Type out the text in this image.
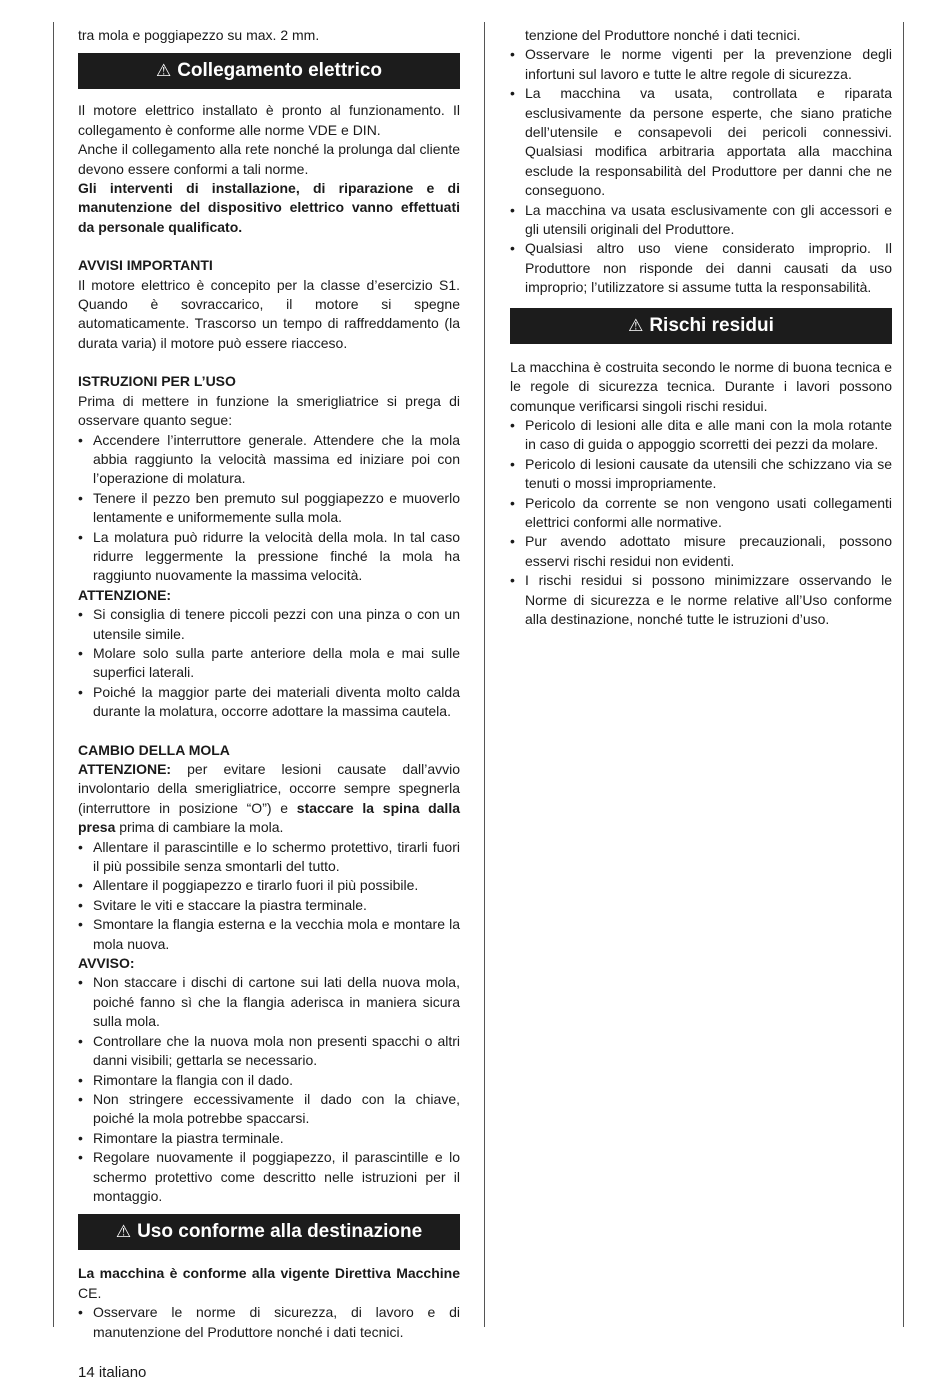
tra mola e poggiapezzo su max. 2 mm.

⚠ Collegamento elettrico

Il motore elettrico installato è pronto al funzionamento. Il collegamento è conforme alle norme VDE e DIN.

Anche il collegamento alla rete nonché la prolunga dal cliente devono essere conformi a tali norme.

Gli interventi di installazione, di riparazione e di manutenzione del dispositivo elettrico vanno effettuati da personale qualificato.

AVVISI IMPORTANTI

Il motore elettrico è concepito per la classe d’esercizio S1. Quando è sovraccarico, il motore si spegne automaticamente. Trascorso un tempo di raffreddamento (la durata varia) il motore può essere riacceso.

ISTRUZIONI PER L’USO

Prima di mettere in funzione la smerigliatrice si prega di osservare quanto segue:

• Accendere l’interruttore generale. Attendere che la mola abbia raggiunto la velocità massima ed iniziare poi con l’operazione di molatura.
• Tenere il pezzo ben premuto sul poggiapezzo e muoverlo lentamente e uniformemente sulla mola.
• La molatura può ridurre la velocità della mola. In tal caso ridurre leggermente la pressione finché la mola ha raggiunto nuovamente la massima velocità.

ATTENZIONE:

• Si consiglia di tenere piccoli pezzi con una pinza o con un utensile simile.
• Molare solo sulla parte anteriore della mola e mai sulle superfici laterali.
• Poiché la maggior parte dei materiali diventa molto calda durante la molatura, occorre adottare la massima cautela.

CAMBIO DELLA MOLA

ATTENZIONE: per evitare lesioni causate dall’avvio involontario della smerigliatrice, occorre sempre spegnerla (interruttore in posizione “O”) e staccare la spina dalla presa prima di cambiare la mola.

• Allentare il parascintille e lo schermo protettivo, tirarli fuori il più possibile senza smontarli del tutto.
• Allentare il poggiapezzo e tirarlo fuori il più possibile.
• Svitare le viti e staccare la piastra terminale.
• Smontare la flangia esterna e la vecchia mola e montare la mola nuova.

AVVISO:

• Non staccare i dischi di cartone sui lati della nuova mola, poiché fanno sì che la flangia aderisca in maniera sicura sulla mola.
• Controllare che la nuova mola non presenti spacchi o altri danni visibili; gettarla se necessario.
• Rimontare la flangia con il dado.
• Non stringere eccessivamente il dado con la chiave, poiché la mola potrebbe spaccarsi.
• Rimontare la piastra terminale.
• Regolare nuovamente il poggiapezzo, il parascintille e lo schermo protettivo come descritto nelle istruzioni per il montaggio.
⚠ Uso conforme alla destinazione

La macchina è conforme alla vigente Direttiva Macchine CE.

• Osservare le norme di sicurezza, di lavoro e di manutenzione del Produttore nonché i dati tecnici.

tenzione del Produttore nonché i dati tecnici.

• Osservare le norme vigenti per la prevenzione degli infortuni sul lavoro e tutte le altre regole di sicurezza.
• La macchina va usata, controllata e riparata esclusivamente da persone esperte, che siano pratiche dell’utensile e consapevoli dei pericoli connessivi. Qualsiasi modifica arbitraria apportata alla macchina esclude la responsabilità del Produttore per danni che ne conseguono.
• La macchina va usata esclusivamente con gli accessori e gli utensili originali del Produttore.
• Qualsiasi altro uso viene considerato improprio. Il Produttore non risponde dei danni causati da uso improprio; l’utilizzatore si assume tutta la responsabilità.
⚠ Rischi residui

La macchina è costruita secondo le norme di buona tecnica e le regole di sicurezza tecnica. Durante i lavori possono comunque verificarsi singoli rischi residui.

• Pericolo di lesioni alle dita e alle mani con la mola rotante in caso di guida o appoggio scorretti dei pezzi da molare.
• Pericolo di lesioni causate da utensili che schizzano via se tenuti o mossi impropriamente.
• Pericolo da corrente se non vengono usati collegamenti elettrici conformi alle normative.
• Pur avendo adottato misure precauzionali, possono esservi rischi residui non evidenti.
• I rischi residui si possono minimizzare osservando le Norme di sicurezza e le norme relative all’Uso conforme alla destinazione, nonché tutte le istruzioni d’uso.
14 italiano
